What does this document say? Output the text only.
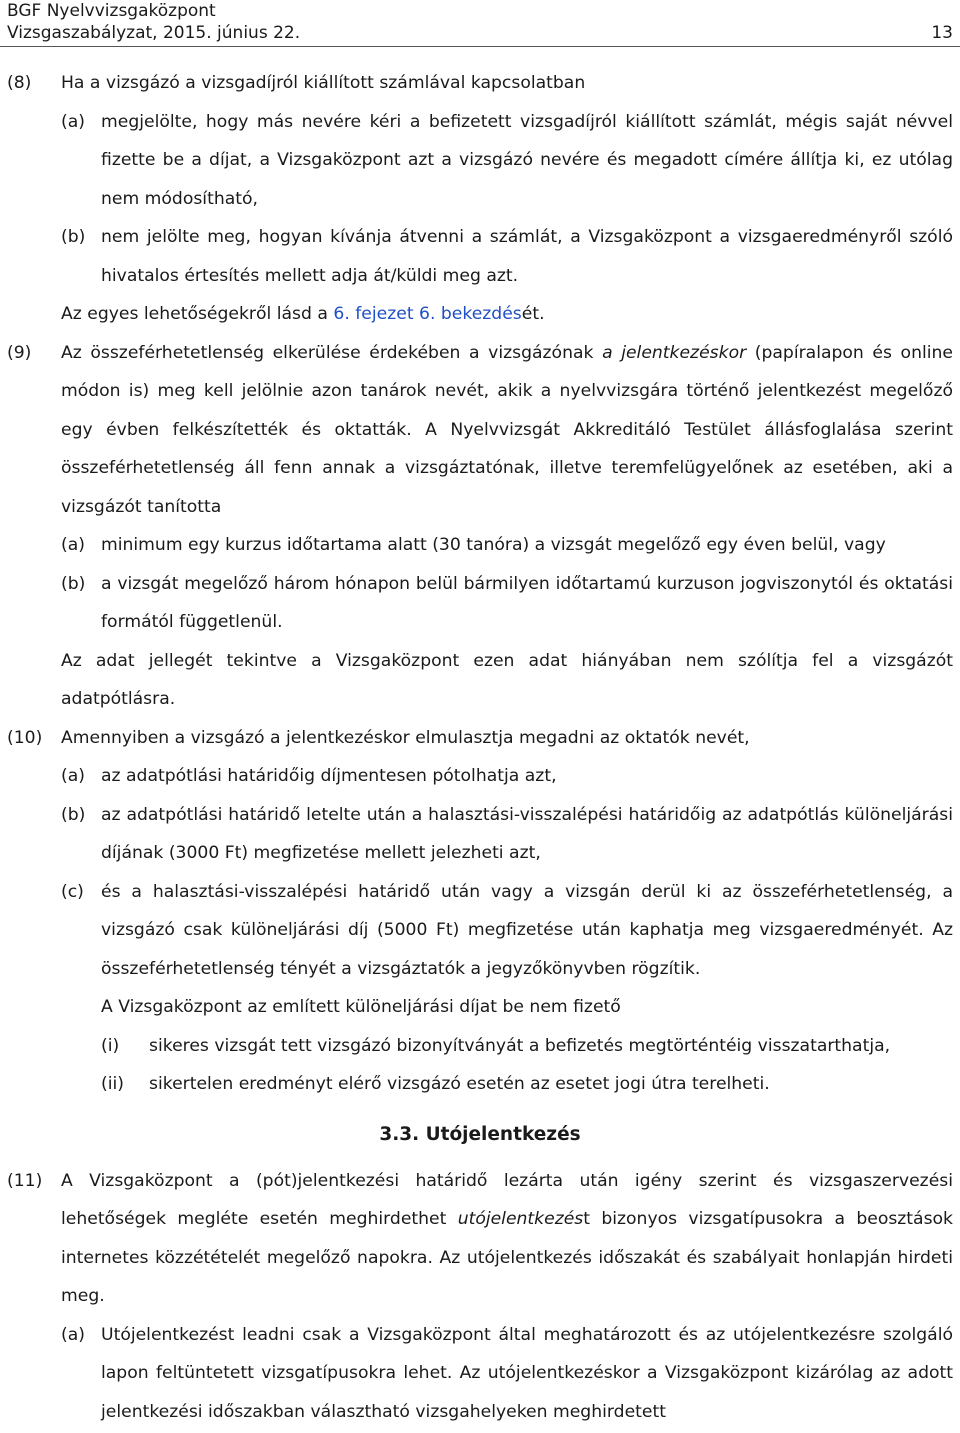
BGF Nyelvvizsgaközpont
Vizsgaszabályzat, 2015. június 22.	13
(8) Ha a vizsgázó a vizsgadíjról kiállított számlával kapcsolatban
(a) megjelölte, hogy más nevére kéri a befizetett vizsgadíjról kiállított számlát, mégis saját névvel fizette be a díjat, a Vizsgaközpont azt a vizsgázó nevére és megadott címére állítja ki, ez utólag nem módosítható,
(b) nem jelölte meg, hogyan kívánja átvenni a számlát, a Vizsgaközpont a vizsgaeredményről szóló hivatalos értesítés mellett adja át/küldi meg azt.
Az egyes lehetőségekről lásd a 6. fejezet 6. bekezdését.
(9) Az összeférhetetlenség elkerülése érdekében a vizsgázónak a jelentkezéskor (papíralapon és online módon is) meg kell jelölnie azon tanárok nevét, akik a nyelvvizsgára történő jelentkezést megelőző egy évben felkészítették és oktatták. A Nyelvvizsgát Akkreditáló Testület állásfoglalása szerint összeférhetetlenség áll fenn annak a vizsgáztatónak, illetve teremfelügyelőnek az esetében, aki a vizsgázót tanította
(a) minimum egy kurzus időtartama alatt (30 tanóra) a vizsgát megelőző egy éven belül, vagy
(b) a vizsgát megelőző három hónapon belül bármilyen időtartamú kurzuson jogviszonytól és oktatási formától függetlenül.
Az adat jellegét tekintve a Vizsgaközpont ezen adat hiányában nem szólítja fel a vizsgázót adatpótlásra.
(10) Amennyiben a vizsgázó a jelentkezéskor elmulasztja megadni az oktatók nevét,
(a) az adatpótlási határidőig díjmentesen pótolhatja azt,
(b) az adatpótlási határidő letelte után a halasztási-visszalépési határidőig az adatpótlás különeljárási díjának (3000 Ft) megfizetése mellett jelezheti azt,
(c) és a halasztási-visszalépési határidő után vagy a vizsgán derül ki az összeférhetetlenség, a vizsgázó csak különeljárási díj (5000 Ft) megfizetése után kaphatja meg vizsgaeredményét. Az összeférhetetlenség tényét a vizsgáztatók a jegyzőkönyvben rögzítik.
A Vizsgaközpont az említett különeljárási díjat be nem fizető
(i) sikeres vizsgát tett vizsgázó bizonyítványát a befizetés megtörténtéig visszatarthatja,
(ii) sikertelen eredményt elérő vizsgázó esetén az esetet jogi útra terelheti.
3.3. Utójelentkezés
(11) A Vizsgaközpont a (pót)jelentkezési határidő lezárta után igény szerint és vizsgaszervezési lehetőségek megléte esetén meghirdethet utójelentkezést bizonyos vizsgatípusokra a beosztások internetes közzétételét megelőző napokra. Az utójelentkezés időszakát és szabályait honlapján hirdeti meg.
(a) Utójelentkezést leadni csak a Vizsgaközpont által meghatározott és az utójelentkezésre szolgáló lapon feltüntetett vizsgatípusokra lehet. Az utójelentkezéskor a Vizsgaközpont kizárólag az adott jelentkezési időszakban választható vizsgahelyeken meghirdetett
